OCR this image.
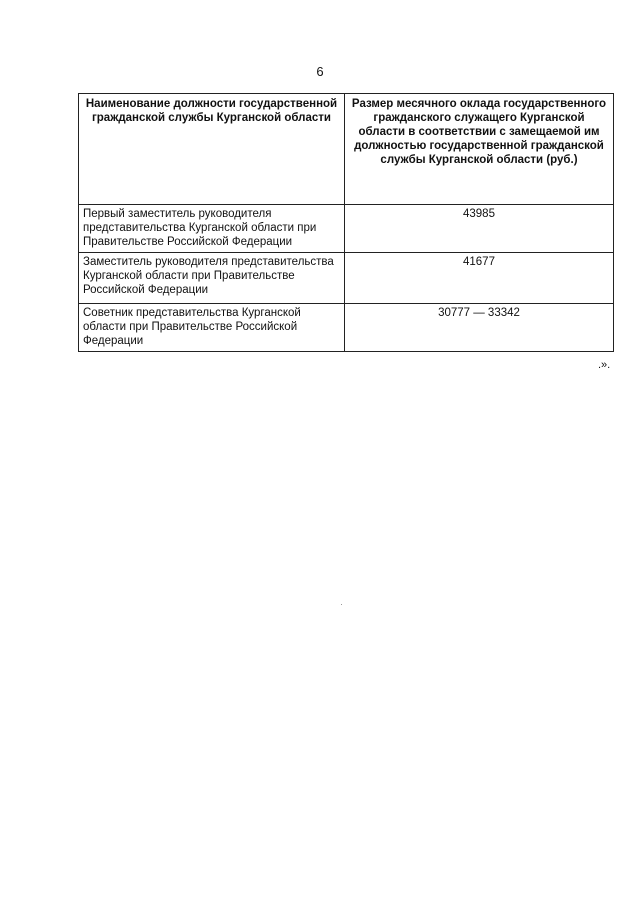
6
Наименование должности государственной гражданской службы Курганской области	Размер месячного оклада государственного гражданского служащего Курганской области в соответствии с замещаемой им должностью государственной гражданской службы Курганской области (руб.)
Первый заместитель руководителя представительства Курганской области при Правительстве Российской Федерации	43985
Заместитель руководителя представительства Курганской области при Правительстве Российской Федерации	41677
Советник представительства Курганской области при Правительстве Российской Федерации	30777 — 33342
.».
